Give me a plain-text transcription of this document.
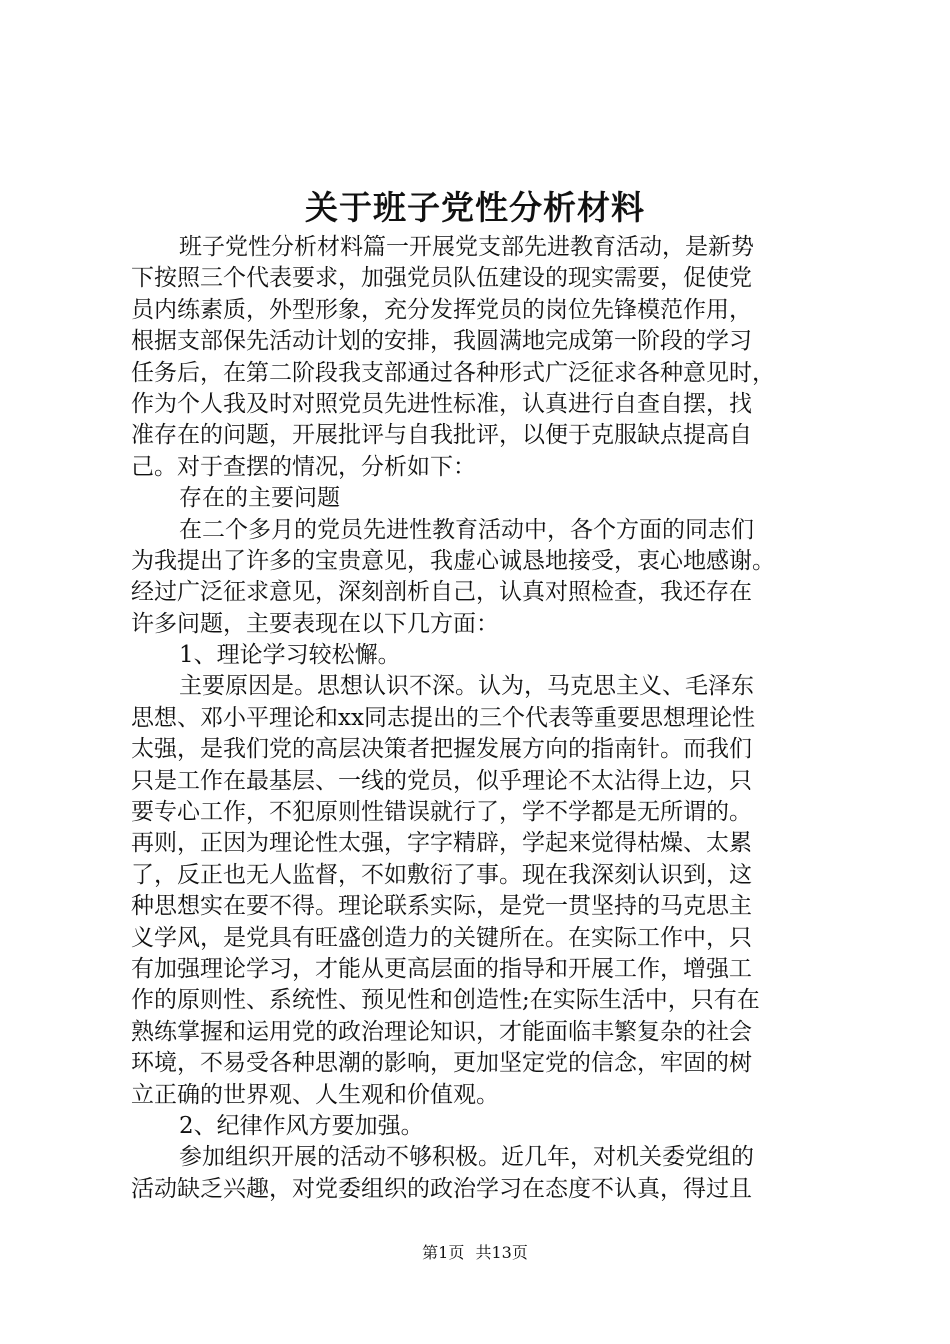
关于班子党性分析材料

班子党性分析材料篇一开展党支部先进教育活动，是新势

下按照三个代表要求，加强党员队伍建设的现实需要，促使党

员内练素质，外型形象，充分发挥党员的岗位先锋模范作用，

根据支部保先活动计划的安排，我圆满地完成第一阶段的学习

任务后，在第二阶段我支部通过各种形式广泛征求各种意见时，

作为个人我及时对照党员先进性标准，认真进行自查自摆，找

准存在的问题，开展批评与自我批评，以便于克服缺点提高自

己。对于查摆的情况，分析如下：

存在的主要问题

在二个多月的党员先进性教育活动中，各个方面的同志们

为我提出了许多的宝贵意见，我虚心诚恳地接受，衷心地感谢。

经过广泛征求意见，深刻剖析自己，认真对照检查，我还存在

许多问题，主要表现在以下几方面：

1、理论学习较松懈。

主要原因是。思想认识不深。认为，马克思主义、毛泽东

思想、邓小平理论和xx同志提出的三个代表等重要思想理论性

太强，是我们党的高层决策者把握发展方向的指南针。而我们

只是工作在最基层、一线的党员，似乎理论不太沾得上边，只

要专心工作，不犯原则性错误就行了，学不学都是无所谓的。

再则，正因为理论性太强，字字精辟，学起来觉得枯燥、太累

了，反正也无人监督，不如敷衍了事。现在我深刻认识到，这

种思想实在要不得。理论联系实际，是党一贯坚持的马克思主

义学风，是党具有旺盛创造力的关键所在。在实际工作中，只

有加强理论学习，才能从更高层面的指导和开展工作，增强工

作的原则性、系统性、预见性和创造性;在实际生活中，只有在

熟练掌握和运用党的政治理论知识，才能面临丰繁复杂的社会

环境，不易受各种思潮的影响，更加坚定党的信念，牢固的树

立正确的世界观、人生观和价值观。

2、纪律作风方要加强。

参加组织开展的活动不够积极。近几年，对机关委党组的

活动缺乏兴趣，对党委组织的政治学习在态度不认真，得过且

第1页 共13页
